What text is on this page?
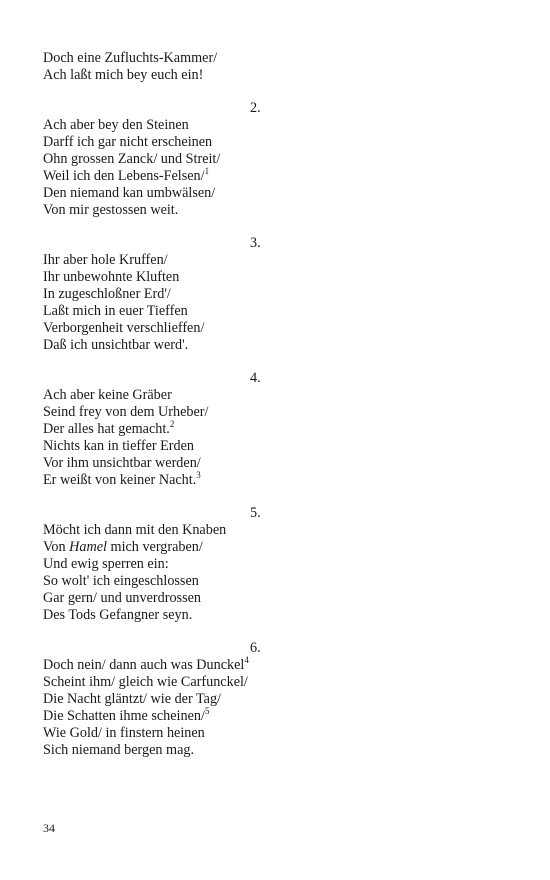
Doch eine Zufluchts-Kammer/
Ach laßt mich bey euch ein!
2.
Ach aber bey den Steinen
Darff ich gar nicht erscheinen
Ohn grossen Zanck/ und Streit/
Weil ich den Lebens-Felsen/$^1$
Den niemand kan umbwälsen/
Von mir gestossen weit.
3.
Ihr aber hole Kruffen/
Ihr unbewohnte Kluften
In zugeschloßner Erd'/
Laßt mich in euer Tieffen
Verborgenheit verschlieffen/
Daß ich unsichtbar werd'.
4.
Ach aber keine Gräber
Seind frey von dem Urheber/
Der alles hat gemacht.$^2$
Nichts kan in tieffer Erden
Vor ihm unsichtbar werden/
Er weißt von keiner Nacht.$^3$
5.
Möcht ich dann mit den Knaben
Von Hamel mich vergraben/
Und ewig sperren ein:
So wolt' ich eingeschlossen
Gar gern/ und unverdrossen
Des Tods Gefangner seyn.
6.
Doch nein/ dann auch was Dunckel$^4$
Scheint ihm/ gleich wie Carfunckel/
Die Nacht gläntzt/ wie der Tag/
Die Schatten ihme scheinen/$^5$
Wie Gold/ in finstern heinen
Sich niemand bergen mag.
34
